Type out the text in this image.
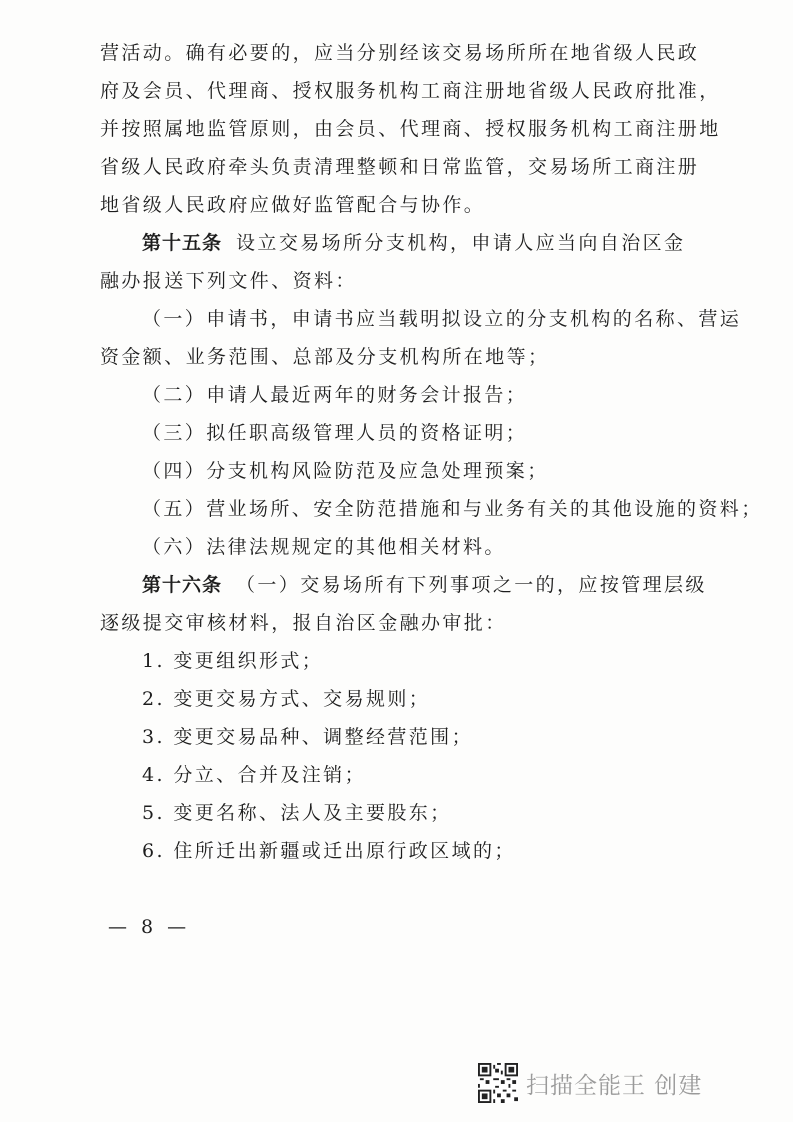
营活动。确有必要的，应当分别经该交易场所所在地省级人民政
府及会员、代理商、授权服务机构工商注册地省级人民政府批准，
并按照属地监管原则，由会员、代理商、授权服务机构工商注册地
省级人民政府牵头负责清理整顿和日常监管，交易场所工商注册
地省级人民政府应做好监管配合与协作。
第十五条 设立交易场所分支机构，申请人应当向自治区金
融办报送下列文件、资料：
（一）申请书，申请书应当载明拟设立的分支机构的名称、营运
资金额、业务范围、总部及分支机构所在地等；
（二）申请人最近两年的财务会计报告；
（三）拟任职高级管理人员的资格证明；
（四）分支机构风险防范及应急处理预案；
（五）营业场所、安全防范措施和与业务有关的其他设施的资料；
（六）法律法规规定的其他相关材料。
第十六条 （一）交易场所有下列事项之一的，应按管理层级
逐级提交审核材料，报自治区金融办审批：
1. 变更组织形式；
2. 变更交易方式、交易规则；
3. 变更交易品种、调整经营范围；
4. 分立、合并及注销；
5. 变更名称、法人及主要股东；
6. 住所迁出新疆或迁出原行政区域的；
— 8 —
扫描全能王 创建
